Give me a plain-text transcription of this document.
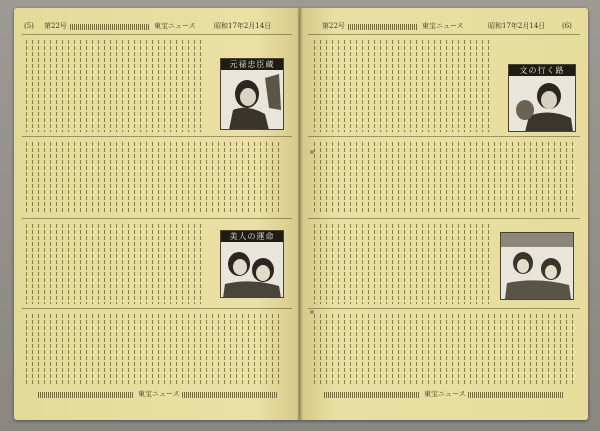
(5) 第22号	東宝ニュース	昭和17年2月14日
元禄忠臣蔵
美人の運命
東宝ニュース
第22号	東宝ニュース	昭和17年2月14日 (6)
文の行く路
東宝ニュース
